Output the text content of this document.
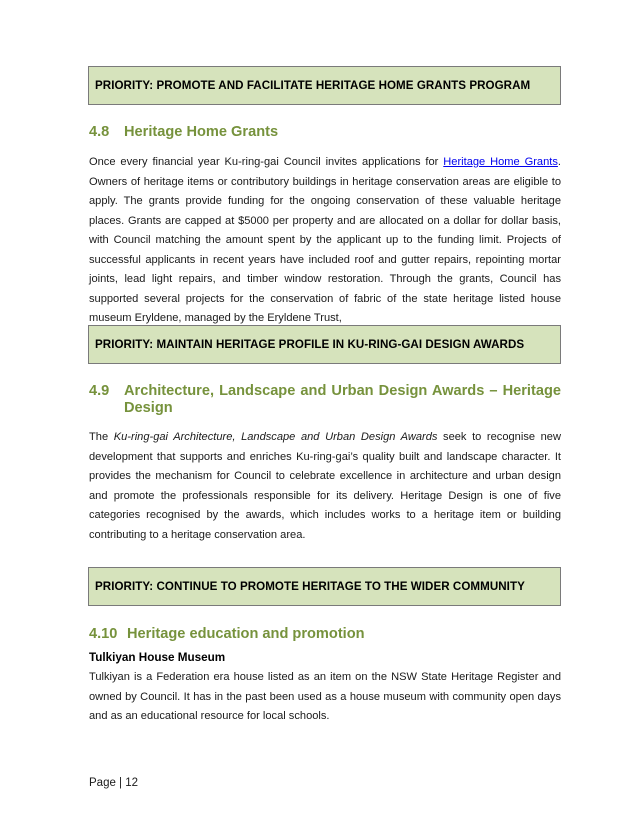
PRIORITY: PROMOTE AND FACILITATE HERITAGE HOME GRANTS PROGRAM
4.8 Heritage Home Grants
Once every financial year Ku-ring-gai Council invites applications for Heritage Home Grants. Owners of heritage items or contributory buildings in heritage conservation areas are eligible to apply. The grants provide funding for the ongoing conservation of these valuable heritage places. Grants are capped at $5000 per property and are allocated on a dollar for dollar basis, with Council matching the amount spent by the applicant up to the funding limit. Projects of successful applicants in recent years have included roof and gutter repairs, repointing mortar joints, lead light repairs, and timber window restoration. Through the grants, Council has supported several projects for the conservation of fabric of the state heritage listed house museum Eryldene, managed by the Eryldene Trust,
PRIORITY: MAINTAIN HERITAGE PROFILE IN KU-RING-GAI DESIGN AWARDS
4.9 Architecture, Landscape and Urban Design Awards – Heritage Design
The Ku-ring-gai Architecture, Landscape and Urban Design Awards seek to recognise new development that supports and enriches Ku-ring-gai’s quality built and landscape character. It provides the mechanism for Council to celebrate excellence in architecture and urban design and promote the professionals responsible for its delivery. Heritage Design is one of five categories recognised by the awards, which includes works to a heritage item or building contributing to a heritage conservation area.
PRIORITY: CONTINUE TO PROMOTE HERITAGE TO THE WIDER COMMUNITY
4.10 Heritage education and promotion
Tulkiyan House Museum
Tulkiyan is a Federation era house listed as an item on the NSW State Heritage Register and owned by Council. It has in the past been used as a house museum with community open days and as an educational resource for local schools.
Page | 12
